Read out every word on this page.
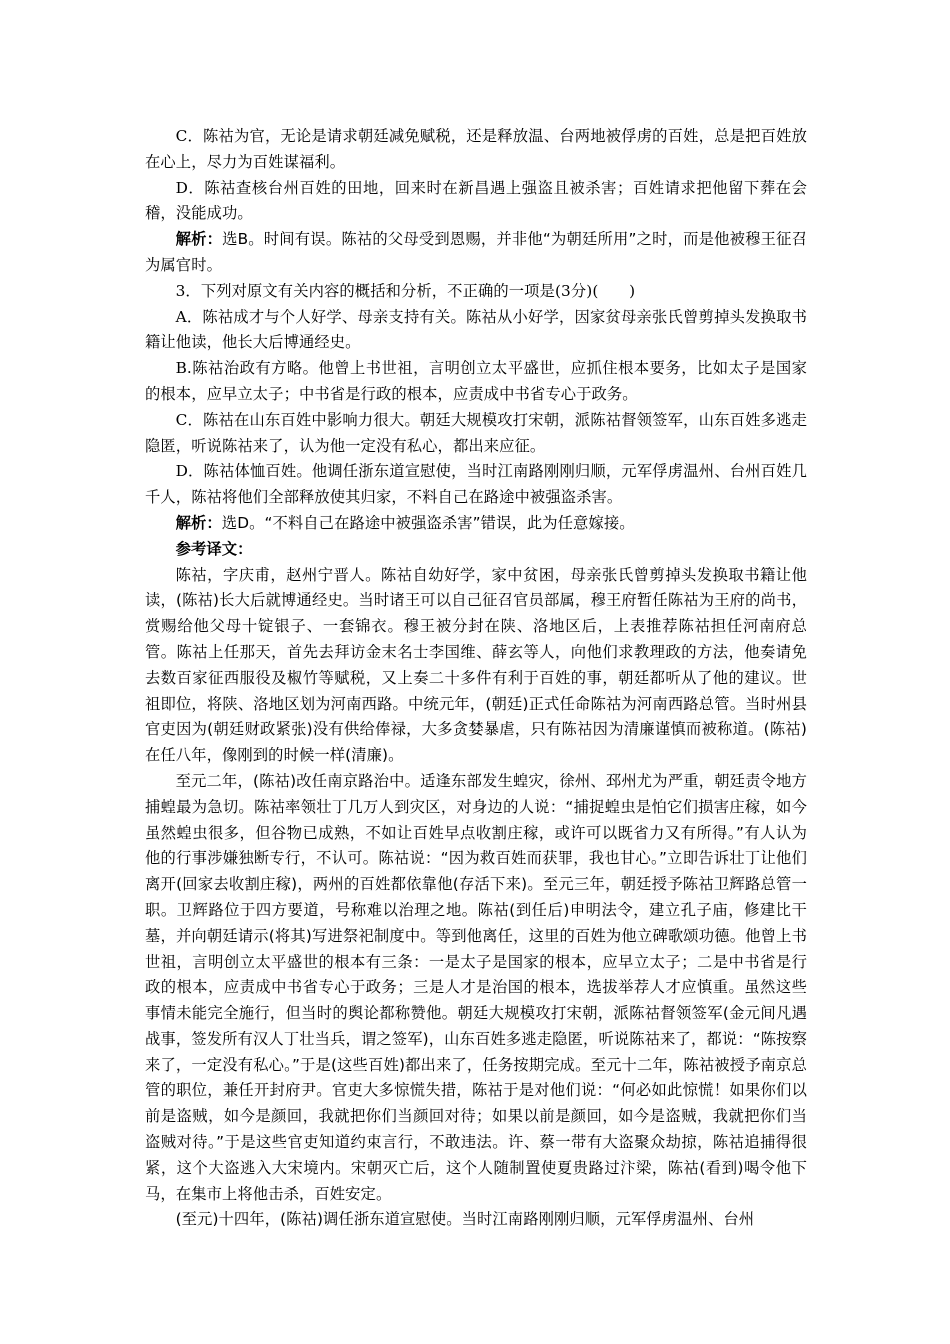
C．陈祜为官，无论是请求朝廷减免赋税，还是释放温、台两地被俘虏的百姓，总是把百姓放在心上，尽力为百姓谋福利。

D．陈祜查核台州百姓的田地，回来时在新昌遇上强盗且被杀害；百姓请求把他留下葬在会稽，没能成功。

解析：选B。时间有误。陈祜的父母受到恩赐，并非他“为朝廷所用”之时，而是他被穆王征召为属官时。

3．下列对原文有关内容的概括和分析，不正确的一项是(3分)(　　)

A．陈祜成才与个人好学、母亲支持有关。陈祜从小好学，因家贫母亲张氏曾剪掉头发换取书籍让他读，他长大后博通经史。

B.陈祜治政有方略。他曾上书世祖，言明创立太平盛世，应抓住根本要务，比如太子是国家的根本，应早立太子；中书省是行政的根本，应责成中书省专心于政务。

C．陈祜在山东百姓中影响力很大。朝廷大规模攻打宋朝，派陈祜督领签军，山东百姓多逃走隐匿，听说陈祜来了，认为他一定没有私心，都出来应征。

D．陈祜体恤百姓。他调任浙东道宣慰使，当时江南路刚刚归顺，元军俘虏温州、台州百姓几千人，陈祜将他们全部释放使其归家，不料自己在路途中被强盗杀害。

解析：选D。“不料自己在路途中被强盗杀害”错误，此为任意嫁接。

参考译文：

陈祜，字庆甫，赵州宁晋人。陈祜自幼好学，家中贫困，母亲张氏曾剪掉头发换取书籍让他读，(陈祜)长大后就博通经史。当时诸王可以自己征召官员部属，穆王府暂任陈祜为王府的尚书，赏赐给他父母十锭银子、一套锦衣。穆王被分封在陕、洛地区后，上表推荐陈祜担任河南府总管。陈祜上任那天，首先去拜访金末名士李国维、薛玄等人，向他们求教理政的方法，他奏请免去数百家征西服役及椒竹等赋税，又上奏二十多件有利于百姓的事，朝廷都听从了他的建议。世祖即位，将陕、洛地区划为河南西路。中统元年，(朝廷)正式任命陈祜为河南西路总管。当时州县官吏因为(朝廷财政紧张)没有供给俸禄，大多贪婪暴虐，只有陈祜因为清廉谨慎而被称道。(陈祜)在任八年，像刚到的时候一样(清廉)。

至元二年，(陈祜)改任南京路治中。适逢东部发生蝗灾，徐州、邳州尤为严重，朝廷责令地方捕蝗最为急切。陈祜率领壮丁几万人到灾区，对身边的人说：“捕捉蝗虫是怕它们损害庄稼，如今虽然蝗虫很多，但谷物已成熟，不如让百姓早点收割庄稼，或许可以既省力又有所得。”有人认为他的行事涉嫌独断专行，不认可。陈祜说：“因为救百姓而获罪，我也甘心。”立即告诉壮丁让他们离开(回家去收割庄稼)，两州的百姓都依靠他(存活下来)。至元三年，朝廷授予陈祜卫辉路总管一职。卫辉路位于四方要道，号称难以治理之地。陈祜(到任后)申明法令，建立孔子庙，修建比干墓，并向朝廷请示(将其)写进祭祀制度中。等到他离任，这里的百姓为他立碑歌颂功德。他曾上书世祖，言明创立太平盛世的根本有三条：一是太子是国家的根本，应早立太子；二是中书省是行政的根本，应责成中书省专心于政务；三是人才是治国的根本，选拔举荐人才应慎重。虽然这些事情未能完全施行，但当时的舆论都称赞他。朝廷大规模攻打宋朝，派陈祜督领签军(金元间凡遇战事，签发所有汉人丁壮当兵，谓之签军)，山东百姓多逃走隐匿，听说陈祜来了，都说：“陈按察来了，一定没有私心。”于是(这些百姓)都出来了，任务按期完成。至元十二年，陈祜被授予南京总管的职位，兼任开封府尹。官吏大多惊慌失措，陈祜于是对他们说：“何必如此惊慌！如果你们以前是盗贼，如今是颜回，我就把你们当颜回对待；如果以前是颜回，如今是盗贼，我就把你们当盗贼对待。”于是这些官吏知道约束言行，不敢违法。许、蔡一带有大盗聚众劫掠，陈祜追捕得很紧，这个大盗逃入大宋境内。宋朝灭亡后，这个人随制置使夏贵路过汴梁，陈祜(看到)喝令他下马，在集市上将他击杀，百姓安定。

(至元)十四年，(陈祜)调任浙东道宣慰使。当时江南路刚刚归顺，元军俘虏温州、台州
